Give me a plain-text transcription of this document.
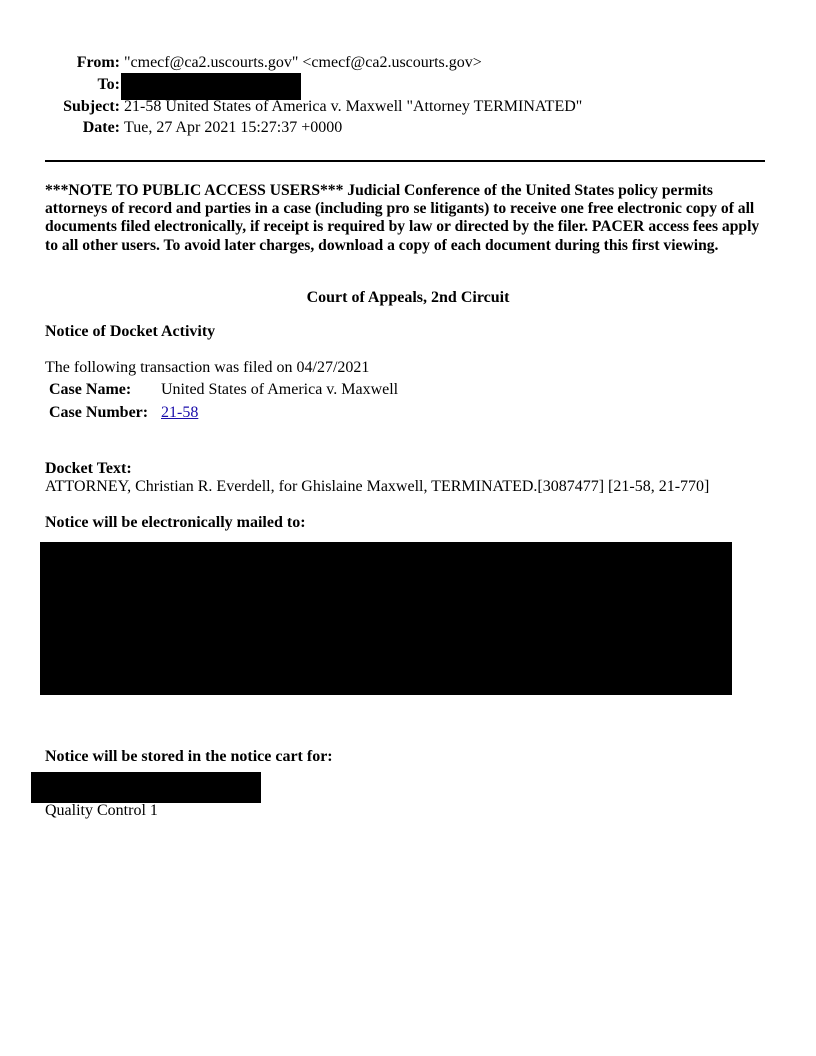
From: "cmecf@ca2.uscourts.gov" <cmecf@ca2.uscourts.gov>
To:
Subject: 21-58 United States of America v. Maxwell "Attorney TERMINATED"
Date: Tue, 27 Apr 2021 15:27:37 +0000
***NOTE TO PUBLIC ACCESS USERS*** Judicial Conference of the United States policy permits attorneys of record and parties in a case (including pro se litigants) to receive one free electronic copy of all documents filed electronically, if receipt is required by law or directed by the filer. PACER access fees apply to all other users. To avoid later charges, download a copy of each document during this first viewing.
Court of Appeals, 2nd Circuit
Notice of Docket Activity
The following transaction was filed on 04/27/2021
Case Name: United States of America v. Maxwell
Case Number: 21-58
Docket Text:
ATTORNEY, Christian R. Everdell, for Ghislaine Maxwell, TERMINATED.[3087477] [21-58, 21-770]
Notice will be electronically mailed to:
Notice will be stored in the notice cart for:
Quality Control 1
